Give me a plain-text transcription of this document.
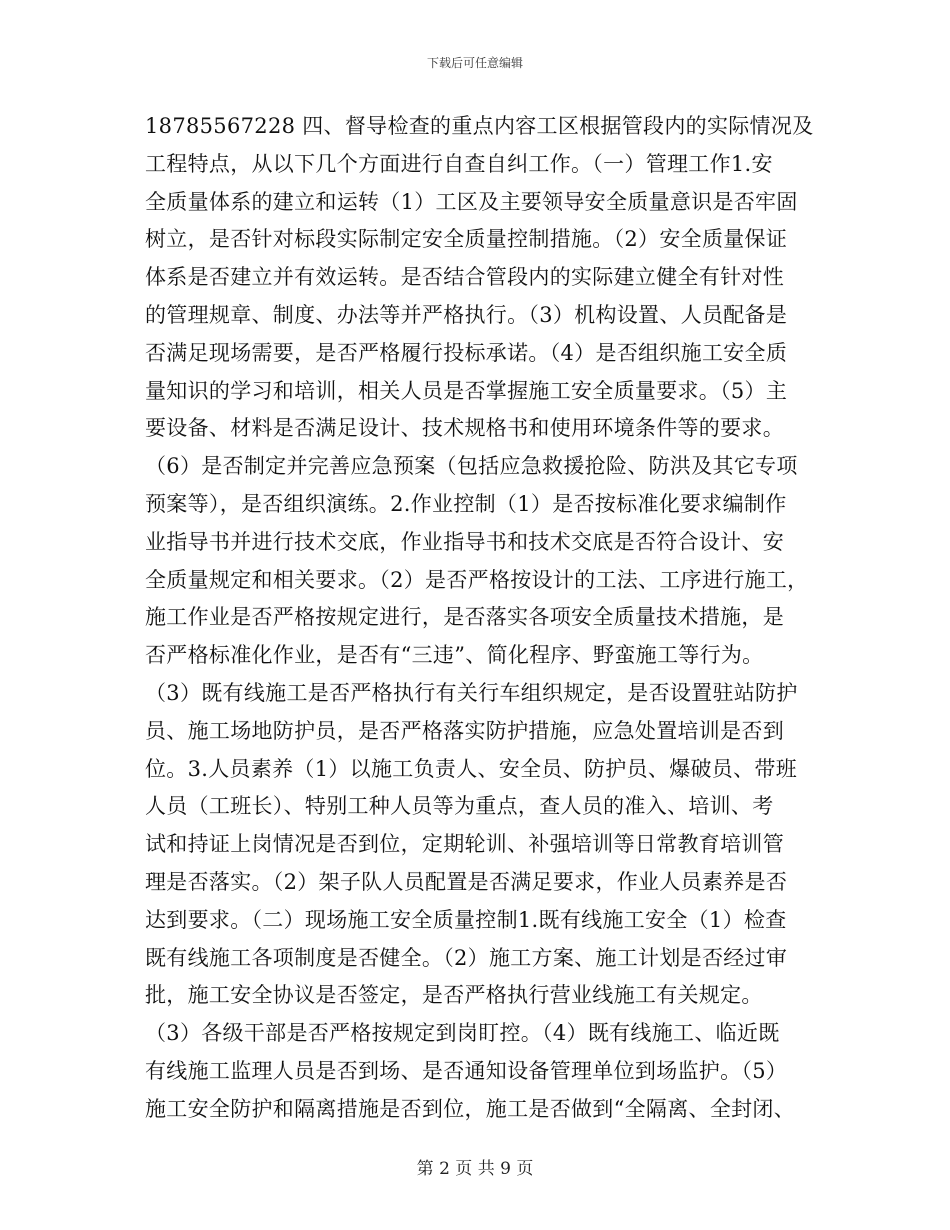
下载后可任意编辑
18785567228 四、督导检查的重点内容工区根据管段内的实际情况及
工程特点，从以下几个方面进行自查自纠工作。（一）管理工作1.安
全质量体系的建立和运转（1）工区及主要领导安全质量意识是否牢固
树立，是否针对标段实际制定安全质量控制措施。（2）安全质量保证
体系是否建立并有效运转。是否结合管段内的实际建立健全有针对性
的管理规章、制度、办法等并严格执行。（3）机构设置、人员配备是
否满足现场需要，是否严格履行投标承诺。（4）是否组织施工安全质
量知识的学习和培训，相关人员是否掌握施工安全质量要求。（5）主
要设备、材料是否满足设计、技术规格书和使用环境条件等的要求。
（6）是否制定并完善应急预案（包括应急救援抢险、防洪及其它专项
预案等），是否组织演练。2.作业控制（1）是否按标准化要求编制作
业指导书并进行技术交底，作业指导书和技术交底是否符合设计、安
全质量规定和相关要求。（2）是否严格按设计的工法、工序进行施工，
施工作业是否严格按规定进行，是否落实各项安全质量技术措施，是
否严格标准化作业，是否有“三违”、简化程序、野蛮施工等行为。
（3）既有线施工是否严格执行有关行车组织规定，是否设置驻站防护
员、施工场地防护员，是否严格落实防护措施，应急处置培训是否到
位。3.人员素养（1）以施工负责人、安全员、防护员、爆破员、带班
人员（工班长）、特别工种人员等为重点，查人员的准入、培训、考
试和持证上岗情况是否到位，定期轮训、补强培训等日常教育培训管
理是否落实。（2）架子队人员配置是否满足要求，作业人员素养是否
达到要求。（二）现场施工安全质量控制1.既有线施工安全（1）检查
既有线施工各项制度是否健全。（2）施工方案、施工计划是否经过审
批，施工安全协议是否签定，是否严格执行营业线施工有关规定。
（3）各级干部是否严格按规定到岗盯控。（4）既有线施工、临近既
有线施工监理人员是否到场、是否通知设备管理单位到场监护。（5）
施工安全防护和隔离措施是否到位，施工是否做到“全隔离、全封闭、
第 2 页 共 9 页
